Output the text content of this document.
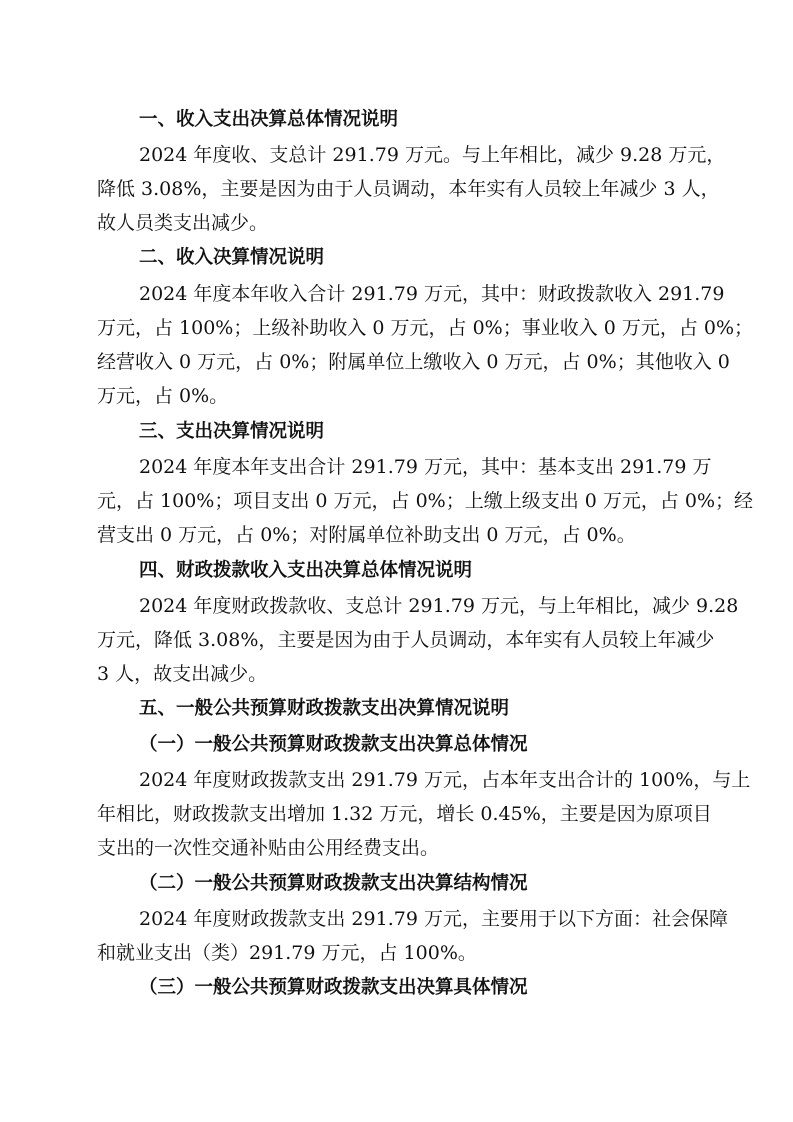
一、收入支出决算总体情况说明
2024 年度收、支总计 291.79 万元。与上年相比，减少 9.28 万元，
降低 3.08%，主要是因为由于人员调动，本年实有人员较上年减少 3 人，
故人员类支出减少。
二、收入决算情况说明
2024 年度本年收入合计 291.79 万元，其中：财政拨款收入 291.79
万元，占 100%；上级补助收入 0 万元，占 0%；事业收入 0 万元，占 0%；
经营收入 0 万元，占 0%；附属单位上缴收入 0 万元，占 0%；其他收入 0
万元，占 0%。
三、支出决算情况说明
2024 年度本年支出合计 291.79 万元，其中：基本支出 291.79 万
元，占 100%；项目支出 0 万元，占 0%；上缴上级支出 0 万元，占 0%；经
营支出 0 万元，占 0%；对附属单位补助支出 0 万元，占 0%。
四、财政拨款收入支出决算总体情况说明
2024 年度财政拨款收、支总计 291.79 万元，与上年相比，减少 9.28
万元，降低 3.08%，主要是因为由于人员调动，本年实有人员较上年减少
3 人，故支出减少。
五、一般公共预算财政拨款支出决算情况说明
（一）一般公共预算财政拨款支出决算总体情况
2024 年度财政拨款支出 291.79 万元，占本年支出合计的 100%，与上
年相比，财政拨款支出增加 1.32 万元，增长 0.45%，主要是因为原项目
支出的一次性交通补贴由公用经费支出。
（二）一般公共预算财政拨款支出决算结构情况
2024 年度财政拨款支出 291.79 万元，主要用于以下方面：社会保障
和就业支出（类）291.79 万元，占 100%。
（三）一般公共预算财政拨款支出决算具体情况
